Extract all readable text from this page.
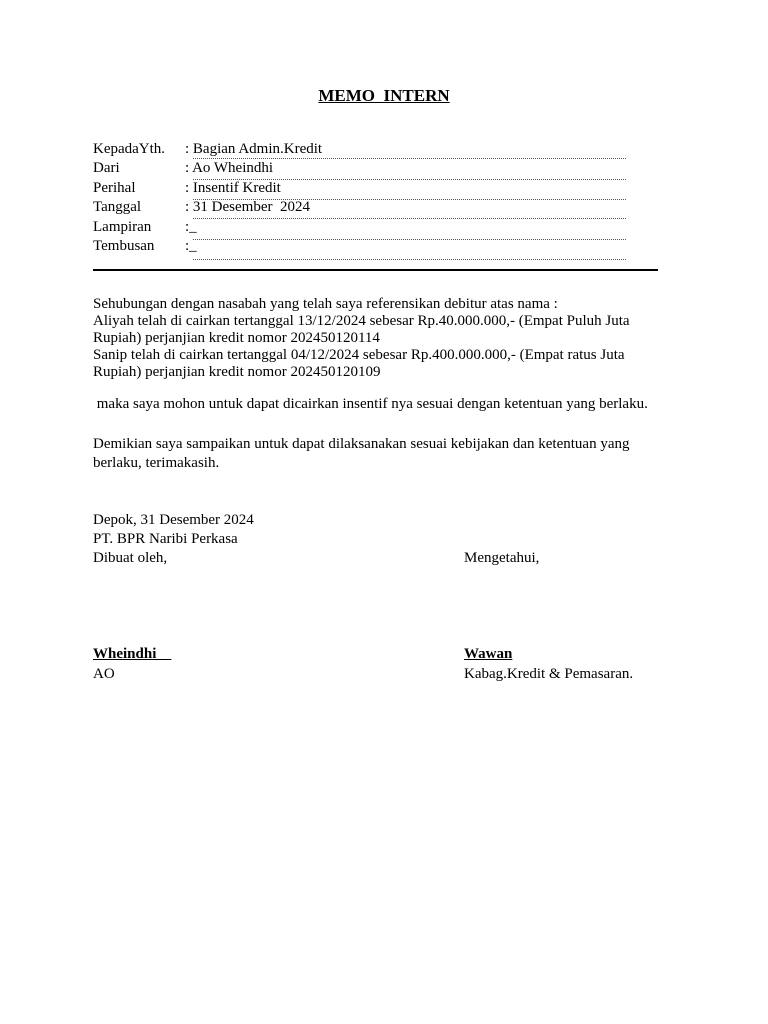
MEMO  INTERN
KepadaYth.	: Bagian Admin.Kredit
Dari	: Ao Wheindhi
Perihal	: Insentif Kredit
Tanggal	: 31 Desember  2024
Lampiran	:_
Tembusan	:_
Sehubungan dengan nasabah yang telah saya referensikan debitur atas nama :
Aliyah telah di cairkan tertanggal 13/12/2024 sebesar Rp.40.000.000,- (Empat Puluh Juta
Rupiah) perjanjian kredit nomor 202450120114
Sanip telah di cairkan tertanggal 04/12/2024 sebesar Rp.400.000.000,- (Empat ratus Juta
Rupiah) perjanjian kredit nomor 202450120109
maka saya mohon untuk dapat dicairkan insentif nya sesuai dengan ketentuan yang berlaku.
Demikian saya sampaikan untuk dapat dilaksanakan sesuai kebijakan dan ketentuan yang
berlaku, terimakasih.
Depok, 31 Desember 2024
PT. BPR Naribi Perkasa
Dibuat oleh,	Mengetahui,
Wheindhi
AO
Wawan
Kabag.Kredit & Pemasaran.
